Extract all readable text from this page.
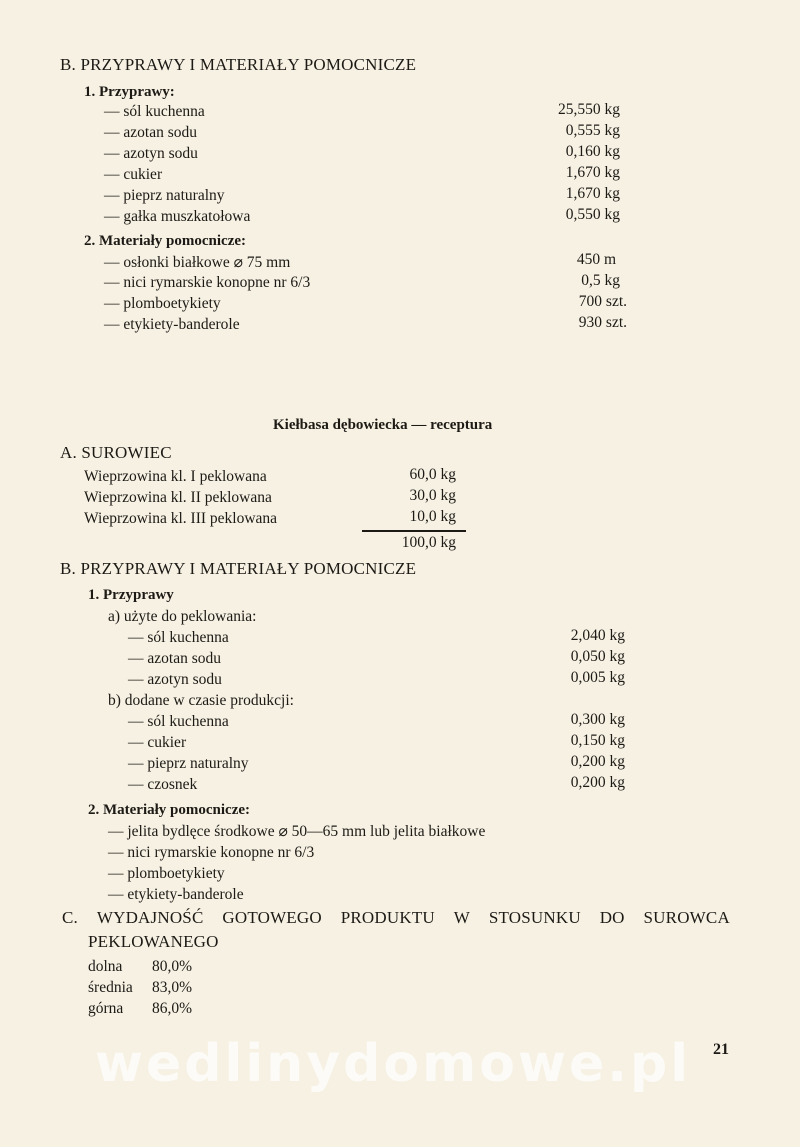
B. PRZYPRAWY I MATERIAŁY POMOCNICZE
1. Przyprawy:
— sól kuchenna	25,550 kg
— azotan sodu	0,555 kg
— azotyn sodu	0,160 kg
— cukier	1,670 kg
— pieprz naturalny	1,670 kg
— gałka muszkatołowa	0,550 kg
2. Materiały pomocnicze:
— osłonki białkowe ⌀ 75 mm	450 m
— nici rymarskie konopne nr 6/3	0,5 kg
— plomboetykiety	700 szt.
— etykiety-banderole	930 szt.
Kiełbasa dębowiecka — receptura
A. SUROWIEC
Wieprzowina kl. I peklowana	60,0 kg
Wieprzowina kl. II peklowana	30,0 kg
Wieprzowina kl. III peklowana	10,0 kg
100,0 kg
B. PRZYPRAWY I MATERIAŁY POMOCNICZE
1. Przyprawy
a) użyte do peklowania:
— sól kuchenna	2,040 kg
— azotan sodu	0,050 kg
— azotyn sodu	0,005 kg
b) dodane w czasie produkcji:
— sól kuchenna	0,300 kg
— cukier	0,150 kg
— pieprz naturalny	0,200 kg
— czosnek	0,200 kg
2. Materiały pomocnicze:
— jelita bydlęce środkowe ⌀ 50—65 mm lub jelita białkowe
— nici rymarskie konopne nr 6/3
— plomboetykiety
— etykiety-banderole
C. WYDAJNOŚĆ GOTOWEGO PRODUKTU W STOSUNKU DO SUROWCA
PEKLOWANEGO
dolna 80,0%
średnia 83,0%
górna 86,0%
wedlinydomowe.pl 21
